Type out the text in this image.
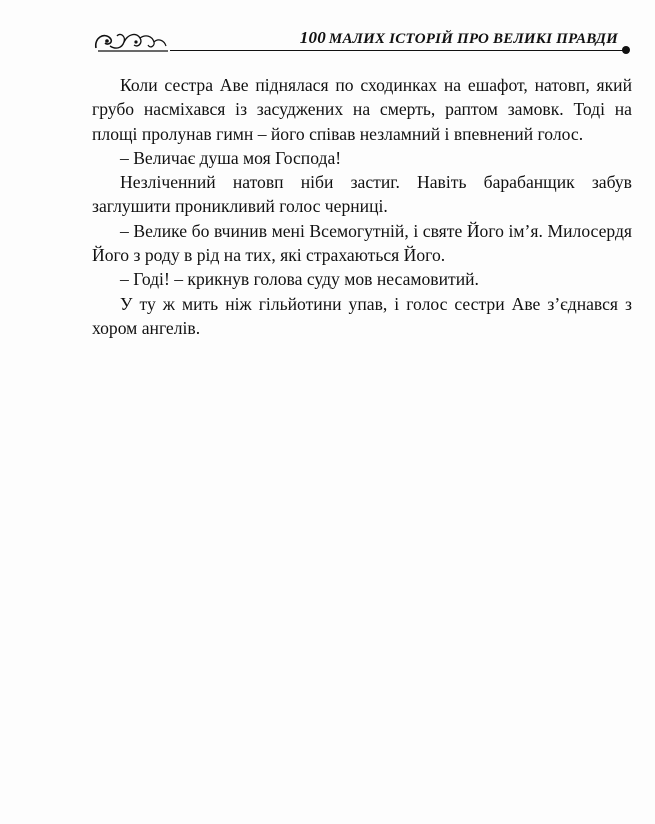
100 МАЛИХ ІСТОРІЙ ПРО ВЕЛИКІ ПРАВДИ

Коли сестра Аве піднялася по сходинках на ешафот, натовп, який грубо насміхався із засуджених на смерть, раптом замовк. Тоді на площі пролунав гимн – його співав незламний і впевнений голос.

– Величає душа моя Господа!

Незліченний натовп ніби застиг. Навіть барабанщик забув заглушити проникливий голос черниці.

– Велике бо вчинив мені Всемогутній, і святе Його ім’я. Милосердя Його з роду в рід на тих, які страхаються Його.

– Годі! – крикнув голова суду мов несамовитий.

У ту ж мить ніж гільйотини упав, і голос сестри Аве з’єднався з хором ангелів.
